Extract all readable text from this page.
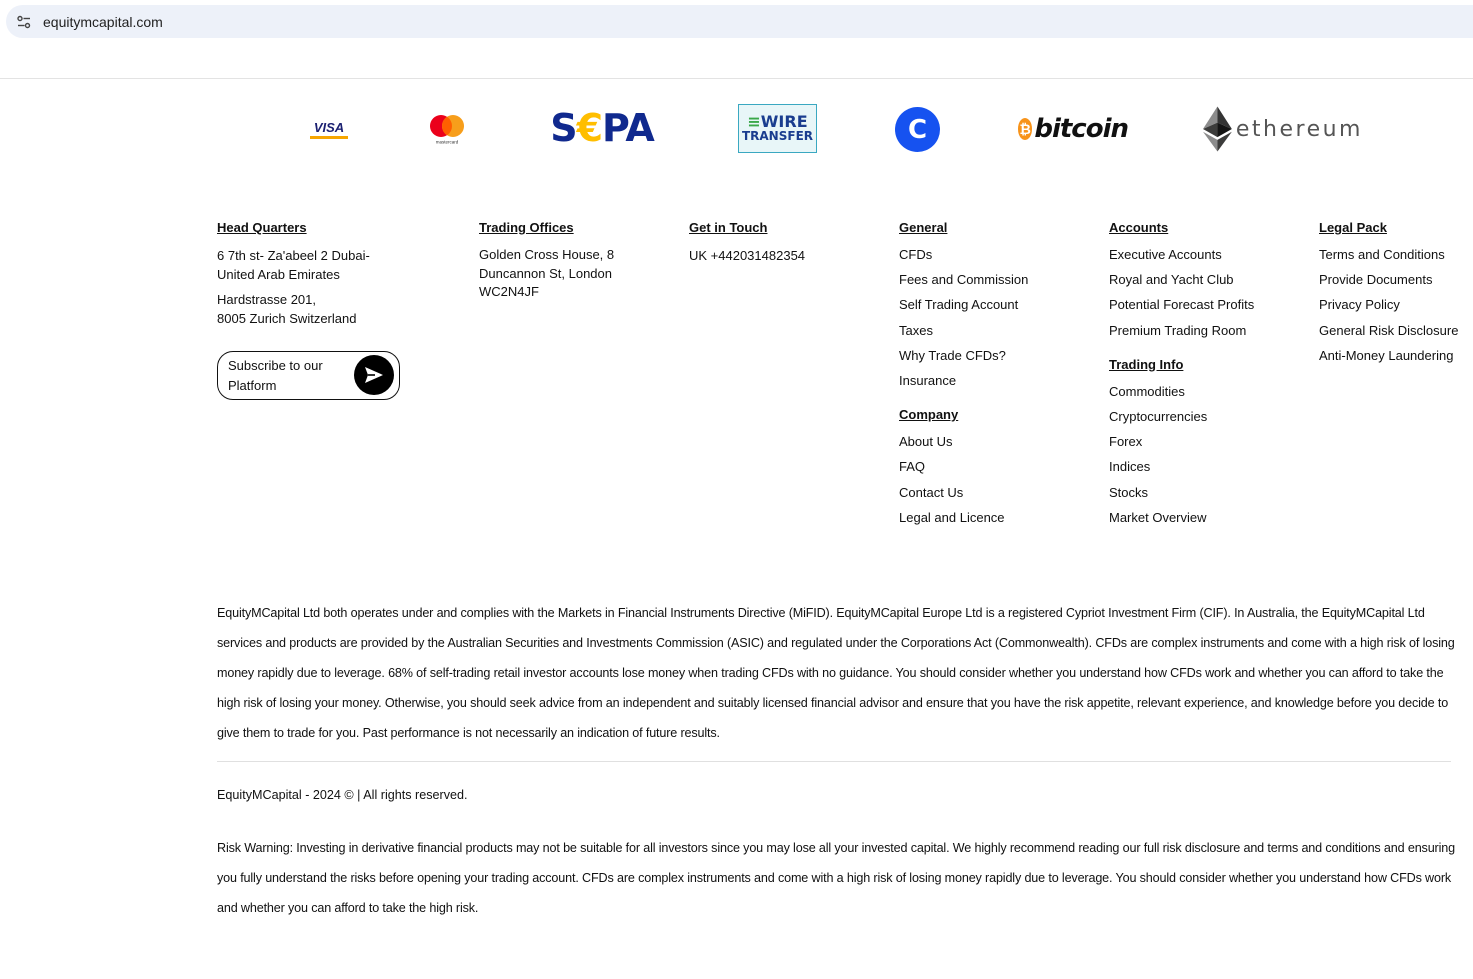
equitymcapital.com
VISA
mastercard S € PA	≡WIRE
TRANSFER	C	₿ bitcoin	ethereum
Head Quarters
6 7th st- Za'abeel 2 Dubai-
United Arab Emirates
Hardstrasse 201,
8005 Zurich Switzerland
Subscribe to our Platform
Trading Offices
Golden Cross House, 8
Duncannon St, London
WC2N4JF
Get in Touch
UK +442031482354
General
CFDs
Fees and Commission
Self Trading Account
Taxes
Why Trade CFDs?
Insurance
Company
About Us
FAQ
Contact Us
Legal and Licence
Accounts
Executive Accounts
Royal and Yacht Club
Potential Forecast Profits
Premium Trading Room
Trading Info
Commodities
Cryptocurrencies
Forex
Indices
Stocks
Market Overview
Legal Pack
Terms and Conditions
Provide Documents
Privacy Policy
General Risk Disclosure
Anti-Money Laundering

EquityMCapital Ltd both operates under and complies with the Markets in Financial Instruments Directive (MiFID). EquityMCapital Europe Ltd is a registered Cypriot Investment Firm (CIF). In Australia, the EquityMCapital Ltd services and products are provided by the Australian Securities and Investments Commission (ASIC) and regulated under the Corporations Act (Commonwealth). CFDs are complex instruments and come with a high risk of losing money rapidly due to leverage. 68% of self-trading retail investor accounts lose money when trading CFDs with no guidance. You should consider whether you understand how CFDs work and whether you can afford to take the high risk of losing your money. Otherwise, you should seek advice from an independent and suitably licensed financial advisor and ensure that you have the risk appetite, relevant experience, and knowledge before you decide to give them to trade for you. Past performance is not necessarily an indication of future results.

EquityMCapital - 2024 © | All rights reserved.

Risk Warning: Investing in derivative financial products may not be suitable for all investors since you may lose all your invested capital. We highly recommend reading our full risk disclosure and terms and conditions and ensuring you fully understand the risks before opening your trading account. CFDs are complex instruments and come with a high risk of losing money rapidly due to leverage. You should consider whether you understand how CFDs work and whether you can afford to take the high risk.
